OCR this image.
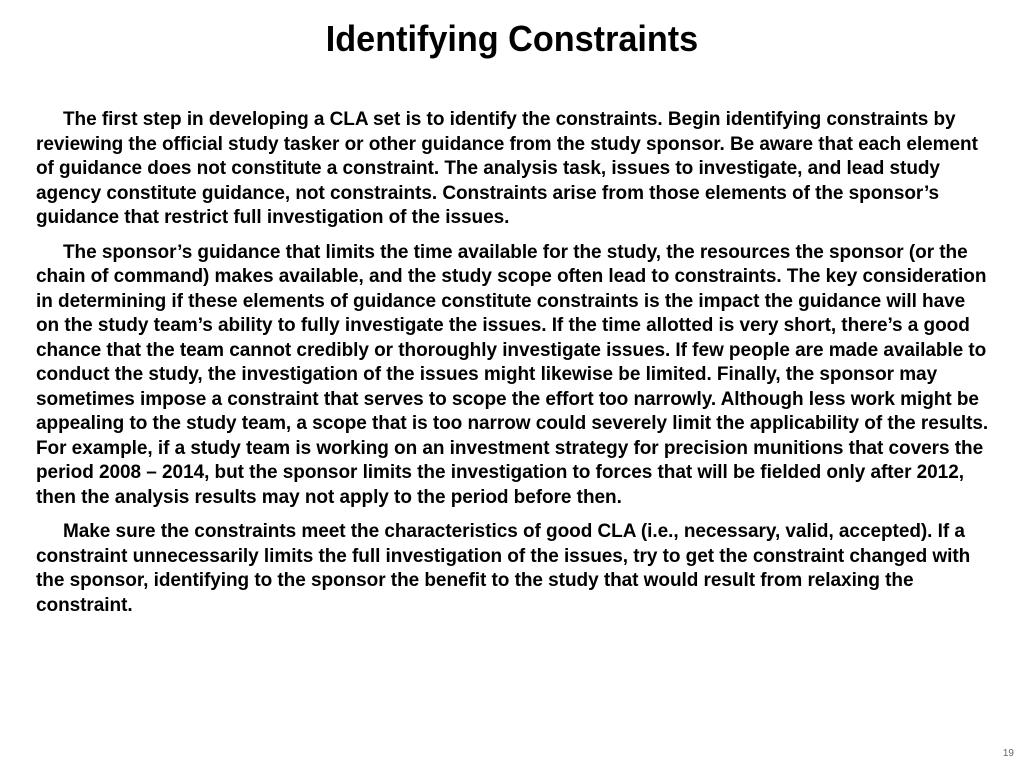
Identifying Constraints

The first step in developing a CLA set is to identify the constraints. Begin identifying constraints by reviewing the official study tasker or other guidance from the study sponsor. Be aware that each element of guidance does not constitute a constraint. The analysis task, issues to investigate, and lead study agency constitute guidance, not constraints. Constraints arise from those elements of the sponsor’s guidance that restrict full investigation of the issues.

The sponsor’s guidance that limits the time available for the study, the resources the sponsor (or the chain of command) makes available, and the study scope often lead to constraints. The key consideration in determining if these elements of guidance constitute constraints is the impact the guidance will have on the study team’s ability to fully investigate the issues. If the time allotted is very short, there’s a good chance that the team cannot credibly or thoroughly investigate issues. If few people are made available to conduct the study, the investigation of the issues might likewise be limited. Finally, the sponsor may sometimes impose a constraint that serves to scope the effort too narrowly. Although less work might be appealing to the study team, a scope that is too narrow could severely limit the applicability of the results. For example, if a study team is working on an investment strategy for precision munitions that covers the period 2008 – 2014, but the sponsor limits the investigation to forces that will be fielded only after 2012, then the analysis results may not apply to the period before then.

Make sure the constraints meet the characteristics of good CLA (i.e., necessary, valid, accepted). If a constraint unnecessarily limits the full investigation of the issues, try to get the constraint changed with the sponsor, identifying to the sponsor the benefit to the study that would result from relaxing the constraint.

19
